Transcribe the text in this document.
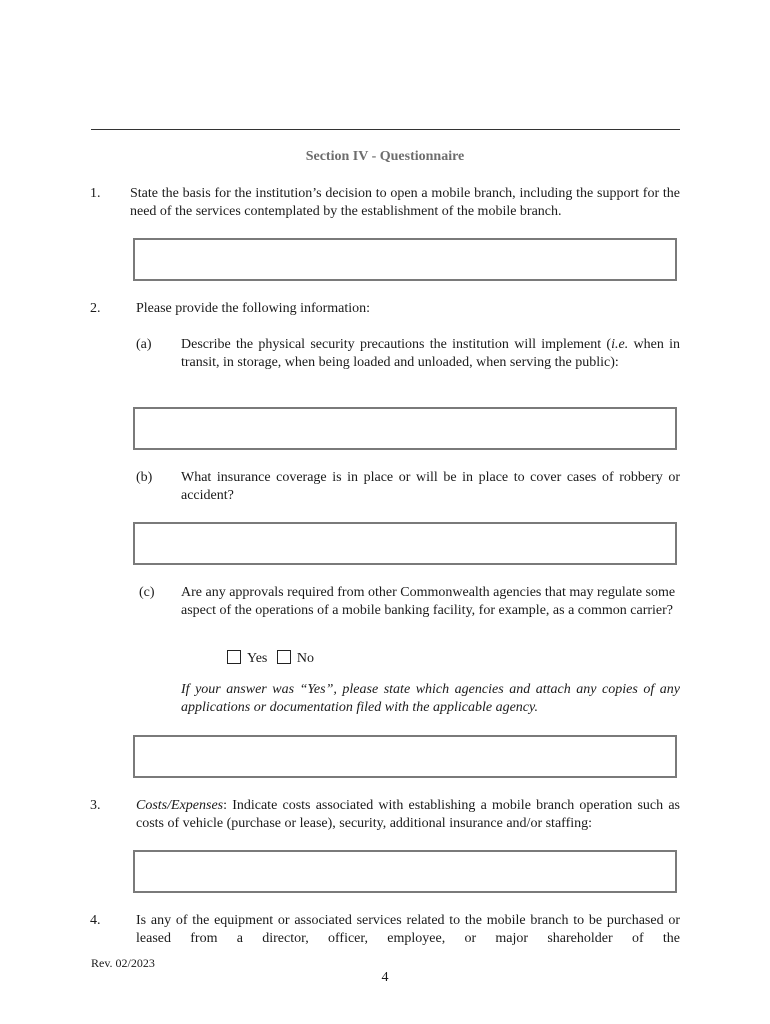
Section IV - Questionnaire
1. State the basis for the institution’s decision to open a mobile branch, including the support for the need of the services contemplated by the establishment of the mobile branch.
2.	Please provide the following information:
(a) Describe the physical security precautions the institution will implement (i.e. when in transit, in storage, when being loaded and unloaded, when serving the public):
(b) What insurance coverage is in place or will be in place to cover cases of robbery or accident?
(c) Are any approvals required from other Commonwealth agencies that may regulate some aspect of the operations of a mobile banking facility, for example, as a common carrier?
Yes No
If your answer was “Yes”, please state which agencies and attach any copies of any applications or documentation filed with the applicable agency.
3.	Costs/Expenses: Indicate costs associated with establishing a mobile branch operation such as costs of vehicle (purchase or lease), security, additional insurance and/or staffing:
4.	Is any of the equipment or associated services related to the mobile branch to be purchased or leased from a director, officer, employee, or major shareholder of the
Rev. 02/2023
4
